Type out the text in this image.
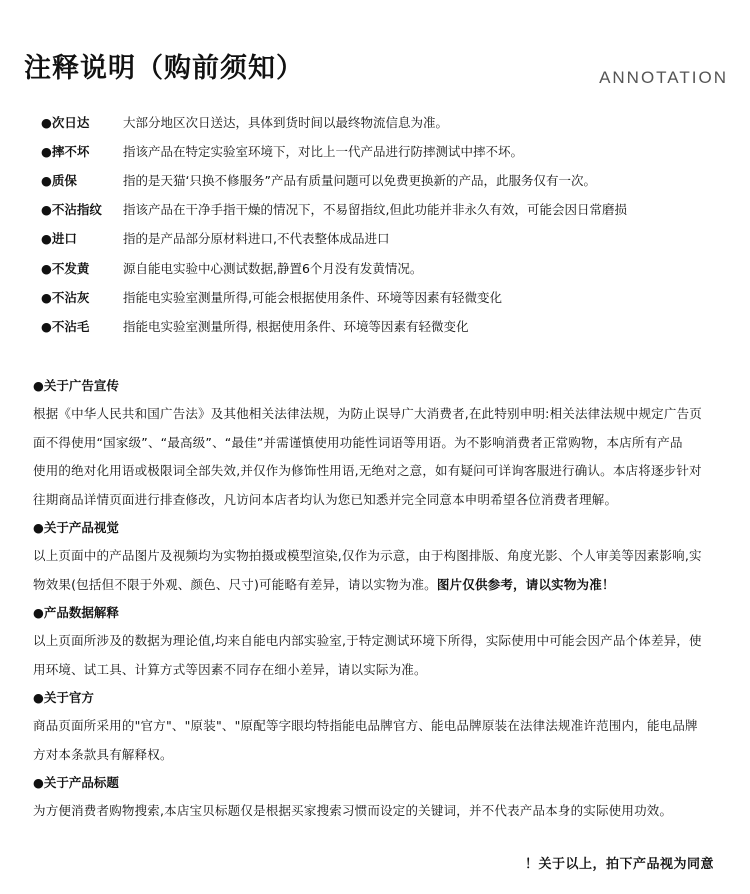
注释说明（购前须知）	ANNOTATION
●次日达	大部分地区次日送达，具体到货时间以最终物流信息为准。
●摔不坏	指该产品在特定实验室环境下，对比上一代产品进行防摔测试中摔不坏。
●质保	指的是天猫‘只换不修服务”产品有质量问题可以免费更换新的产品，此服务仅有一次。
●不沾指纹	指该产品在干净手指干燥的情况下，不易留指纹,但此功能并非永久有效，可能会因日常磨损
●进口	指的是产品部分原材料进口,不代表整体成品进口
●不发黄	源自能电实验中心测试数据,静置6个月没有发黄情况。
●不沾灰	指能电实验室测量所得,可能会根据使用条件、环境等因素有轻微变化
●不沾毛	指能电实验室测量所得, 根据使用条件、环境等因素有轻微变化
●关于广告宣传
根据《中华人民共和国广告法》及其他相关法律法规，为防止误导广大消费者,在此特别申明:相关法律法规中规定广告页
面不得使用“国家级”、“最高级”、“最佳”并需谨慎使用功能性词语等用语。为不影响消费者正常购物，本店所有产品
使用的绝对化用语或极限词全部失效,并仅作为修饰性用语,无绝对之意，如有疑问可详询客服进行确认。本店将逐步针对
往期商品详情页面进行排查修改，凡访问本店者均认为您已知悉并完全同意本申明希望各位消费者理解。
●关于产品视觉
以上页面中的产品图片及视频均为实物拍摄或模型渲染,仅作为示意，由于构图排版、角度光影、个人审美等因素影响,实
物效果(包括但不限于外观、颜色、尺寸)可能略有差异，请以实物为准。图片仅供参考，请以实物为准！
●产品数据解释
以上页面所涉及的数据为理论值,均来自能电内部实验室,于特定测试环境下所得，实际使用中可能会因产品个体差异，使
用环境、试工具、计算方式等因素不同存在细小差异，请以实际为准。
●关于官方
商品页面所采用的"官方"、"原装"、"原配等字眼均特指能电品牌官方、能电品牌原装在法律法规准许范围内，能电品牌
方对本条款具有解释权。
●关于产品标题
为方便消费者购物搜索,本店宝贝标题仅是根据买家搜索习惯而设定的关键词，并不代表产品本身的实际使用功效。
！关于以上，拍下产品视为同意
